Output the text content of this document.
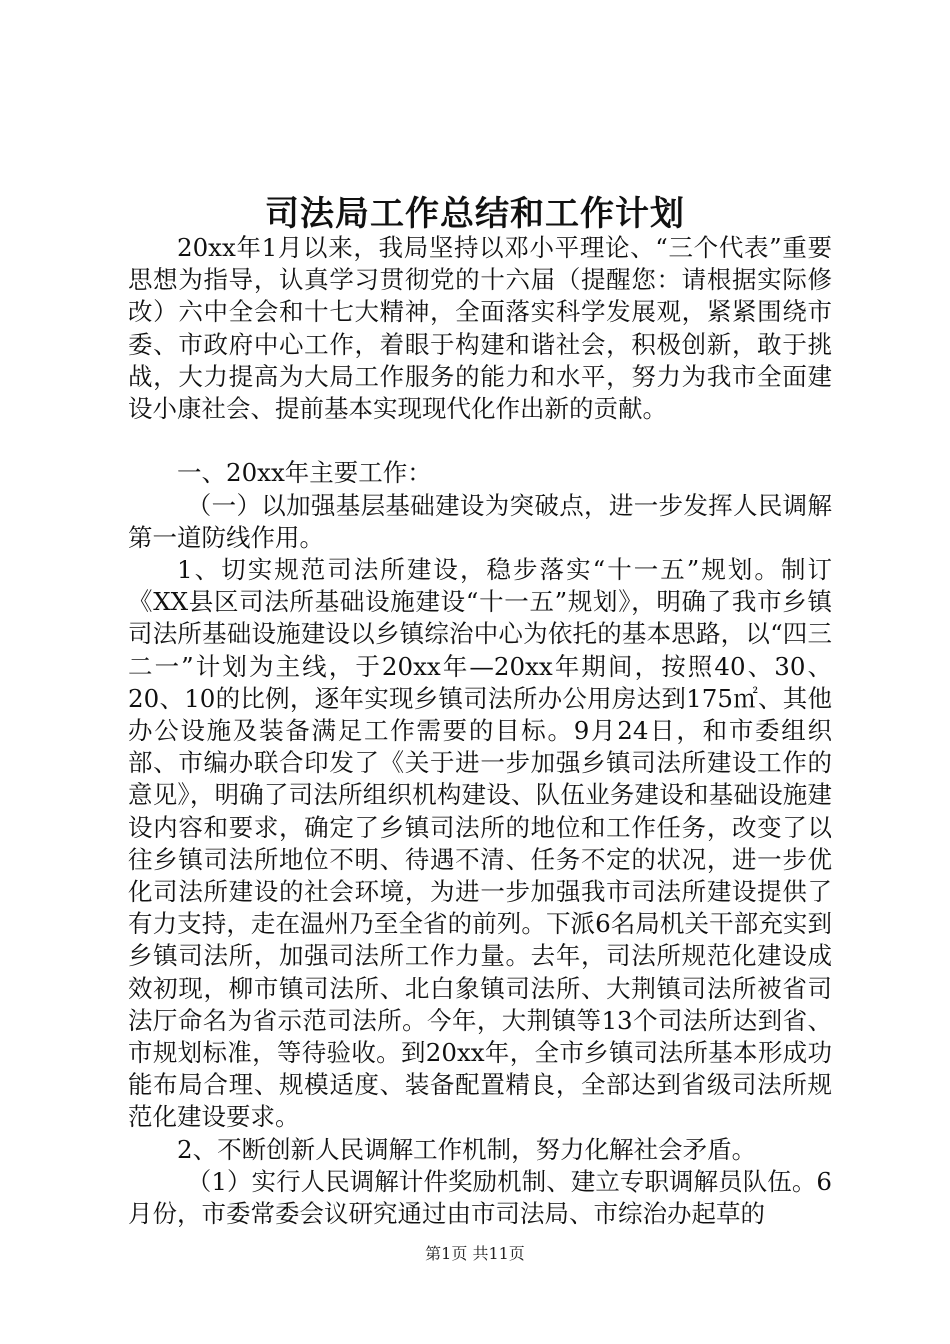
司法局工作总结和工作计划

20xx年1月以来，我局坚持以邓小平理论、“三个代表”重要思想为指导，认真学习贯彻党的十六届（提醒您：请根据实际修改）六中全会和十七大精神，全面落实科学发展观，紧紧围绕市委、市政府中心工作，着眼于构建和谐社会，积极创新，敢于挑战，大力提高为大局工作服务的能力和水平，努力为我市全面建设小康社会、提前基本实现现代化作出新的贡献。

一、20xx年主要工作：

（一）以加强基层基础建设为突破点，进一步发挥人民调解第一道防线作用。

1、切实规范司法所建设，稳步落实“十一五”规划。制订《XX县区司法所基础设施建设“十一五”规划》，明确了我市乡镇司法所基础设施建设以乡镇综治中心为依托的基本思路，以“四三二一”计划为主线，于20xx年—20xx年期间，按照40、30、20、10的比例，逐年实现乡镇司法所办公用房达到175㎡、其他办公设施及装备满足工作需要的目标。9月24日，和市委组织部、市编办联合印发了《关于进一步加强乡镇司法所建设工作的意见》，明确了司法所组织机构建设、队伍业务建设和基础设施建设内容和要求，确定了乡镇司法所的地位和工作任务，改变了以往乡镇司法所地位不明、待遇不清、任务不定的状况，进一步优化司法所建设的社会环境，为进一步加强我市司法所建设提供了有力支持，走在温州乃至全省的前列。下派6名局机关干部充实到乡镇司法所，加强司法所工作力量。去年，司法所规范化建设成效初现，柳市镇司法所、北白象镇司法所、大荆镇司法所被省司法厅命名为省示范司法所。今年，大荆镇等13个司法所达到省、市规划标准，等待验收。到20xx年，全市乡镇司法所基本形成功能布局合理、规模适度、装备配置精良，全部达到省级司法所规范化建设要求。

2、不断创新人民调解工作机制，努力化解社会矛盾。

（1）实行人民调解计件奖励机制、建立专职调解员队伍。6月份，市委常委会议研究通过由市司法局、市综治办起草的

第1页 共11页
